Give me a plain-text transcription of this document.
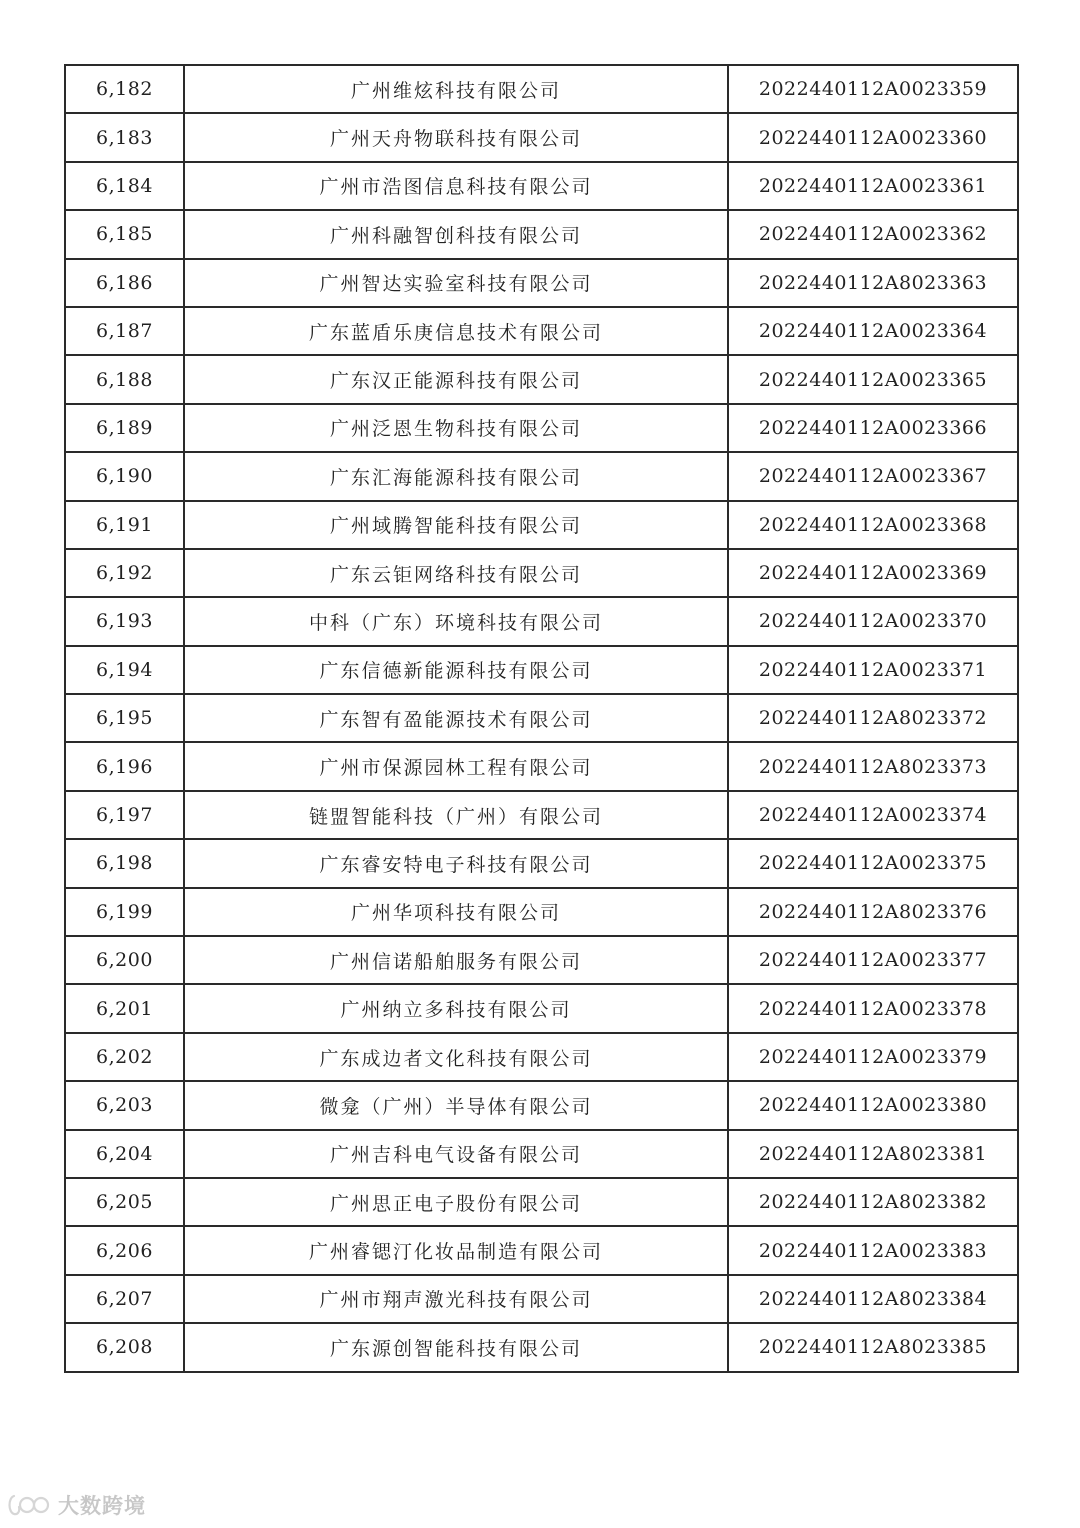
6,182	广州维炫科技有限公司	2022440112A0023359
6,183	广州天舟物联科技有限公司	2022440112A0023360
6,184	广州市浩图信息科技有限公司	2022440112A0023361
6,185	广州科融智创科技有限公司	2022440112A0023362
6,186	广州智达实验室科技有限公司	2022440112A8023363
6,187	广东蓝盾乐庚信息技术有限公司	2022440112A0023364
6,188	广东汉正能源科技有限公司	2022440112A0023365
6,189	广州泛恩生物科技有限公司	2022440112A0023366
6,190	广东汇海能源科技有限公司	2022440112A0023367
6,191	广州域腾智能科技有限公司	2022440112A0023368
6,192	广东云钜网络科技有限公司	2022440112A0023369
6,193	中科（广东）环境科技有限公司	2022440112A0023370
6,194	广东信德新能源科技有限公司	2022440112A0023371
6,195	广东智有盈能源技术有限公司	2022440112A8023372
6,196	广州市保源园林工程有限公司	2022440112A8023373
6,197	链盟智能科技（广州）有限公司	2022440112A0023374
6,198	广东睿安特电子科技有限公司	2022440112A0023375
6,199	广州华项科技有限公司	2022440112A8023376
6,200	广州信诺船舶服务有限公司	2022440112A0023377
6,201	广州纳立多科技有限公司	2022440112A0023378
6,202	广东成边者文化科技有限公司	2022440112A0023379
6,203	微龛（广州）半导体有限公司	2022440112A0023380
6,204	广州吉科电气设备有限公司	2022440112A8023381
6,205	广州思正电子股份有限公司	2022440112A8023382
6,206	广州睿锶汀化妆品制造有限公司	2022440112A0023383
6,207	广州市翔声激光科技有限公司	2022440112A8023384
6,208	广东源创智能科技有限公司	2022440112A8023385
大数跨境
